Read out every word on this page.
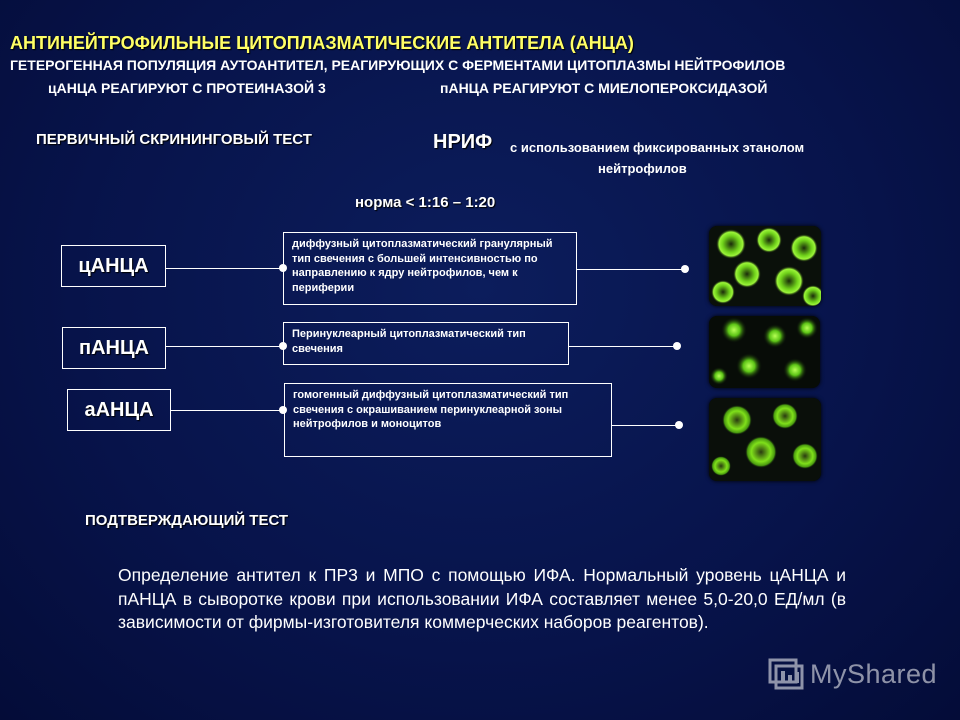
АНТИНЕЙТРОФИЛЬНЫЕ ЦИТОПЛАЗМАТИЧЕСКИЕ АНТИТЕЛА (АНЦА)
ГЕТЕРОГЕННАЯ ПОПУЛЯЦИЯ АУТОАНТИТЕЛ, РЕАГИРУЮЩИХ С ФЕРМЕНТАМИ ЦИТОПЛАЗМЫ НЕЙТРОФИЛОВ
цАНЦА РЕАГИРУЮТ С ПРОТЕИНАЗОЙ 3	пАНЦА РЕАГИРУЮТ С МИЕЛОПЕРОКСИДАЗОЙ
ПЕРВИЧНЫЙ СКРИНИНГОВЫЙ ТЕСТ	НРИФ с использованием фиксированных этанолом
нейтрофилов
норма < 1:16 – 1:20
цАНЦА
диффузный цитоплазматический гранулярный тип свечения с большей интенсивностью по направлению к ядру нейтрофилов, чем к периферии
пАНЦА
Перинуклеарный цитоплазматический тип свечения
аАНЦА
гомогенный диффузный цитоплазматический тип свечения с окрашиванием перинуклеарной зоны нейтрофилов и моноцитов
ПОДТВЕРЖДАЮЩИЙ ТЕСТ
Определение антител к ПР3 и МПО с помощью ИФА. Нормальный уровень цАНЦА и пАНЦА в сыворотке крови при использовании ИФА составляет менее 5,0-20,0 ЕД/мл (в зависимости от фирмы-изготовителя коммерческих наборов реагентов).
MyShared
